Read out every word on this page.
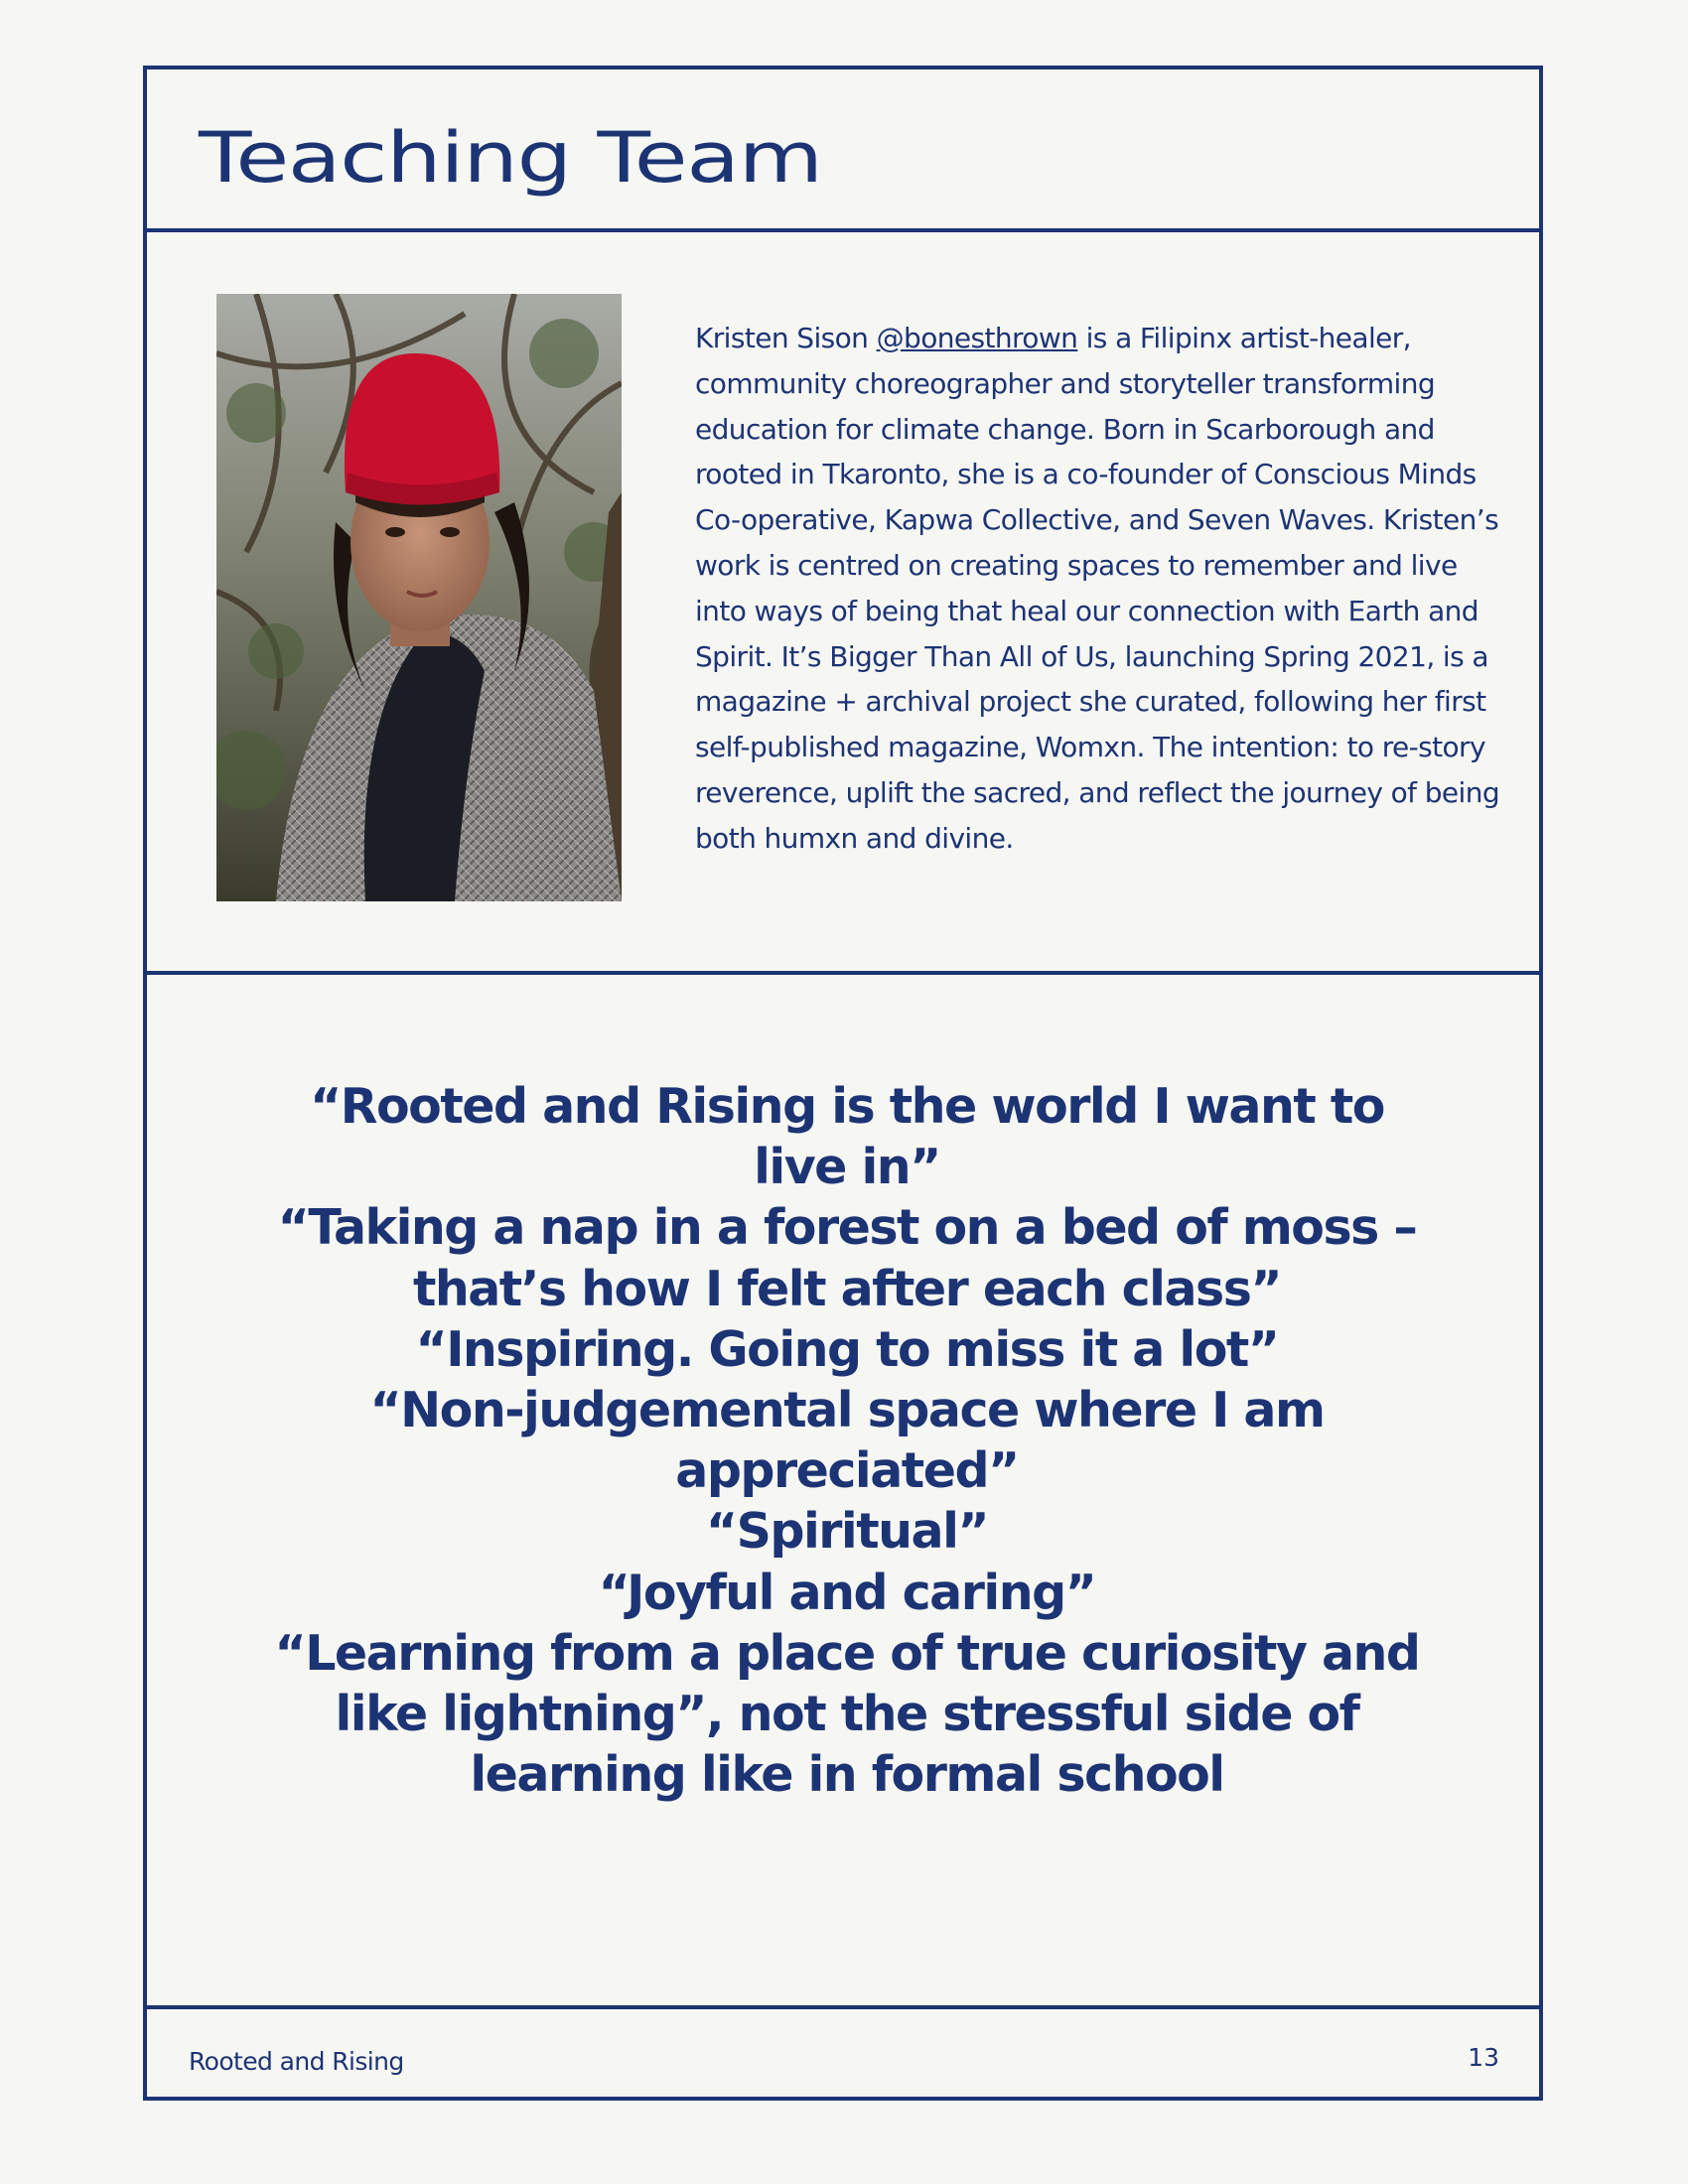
Teaching Team

Kristen Sison @bonesthrown is a Filipinx artist-healer, community choreographer and storyteller transforming education for climate change. Born in Scarborough and rooted in Tkaronto, she is a co-founder of Conscious Minds Co-operative, Kapwa Collective, and Seven Waves. Kristen’s work is centred on creating spaces to remember and live into ways of being that heal our connection with Earth and Spirit. It’s Bigger Than All of Us, launching Spring 2021, is a magazine + archival project she curated, following her first self-published magazine, Womxn. The intention: to re-story reverence, uplift the sacred, and reflect the journey of being both humxn and divine.

“Rooted and Rising is the world I want to live in”
“Taking a nap in a forest on a bed of moss – that’s how I felt after each class”
“Inspiring. Going to miss it a lot”
“Non-judgemental space where I am appreciated”
“Spiritual”
“Joyful and caring”
“Learning from a place of true curiosity and like lightning”, not the stressful side of learning like in formal school
Rooted and Rising	13
